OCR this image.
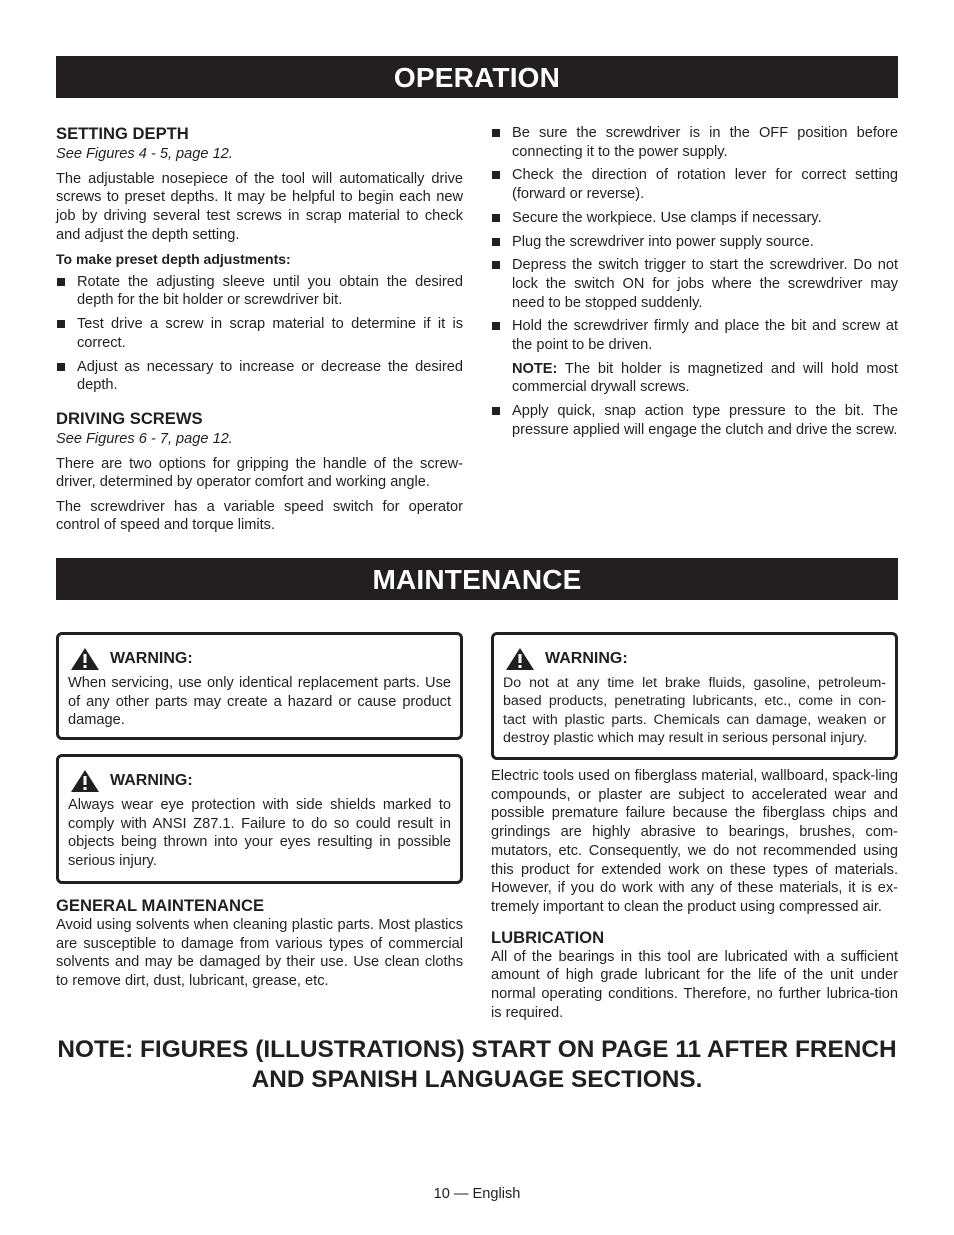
OPERATION
SETTING DEPTH
See Figures 4 - 5, page 12.

The adjustable nosepiece of the tool will automatically drive screws to preset depths. It may be helpful to begin each new job by driving several test screws in scrap material to check and adjust the depth setting.

To make preset depth adjustments:
Rotate the adjusting sleeve until you obtain the desired depth for the bit holder or screwdriver bit.
Test drive a screw in scrap material to determine if it is correct.
Adjust as necessary to increase or decrease the desired depth.
DRIVING SCREWS
See Figures 6 - 7, page 12.

There are two options for gripping the handle of the screw-driver, determined by operator comfort and working angle.

The screwdriver has a variable speed switch for operator control of speed and torque limits.

Be sure the screwdriver is in the OFF position before connecting it to the power supply.
Check the direction of rotation lever for correct setting (forward or reverse).
Secure the workpiece. Use clamps if necessary.
Plug the screwdriver into power supply source.
Depress the switch trigger to start the screwdriver. Do not lock the switch ON for jobs where the screwdriver may need to be stopped suddenly.
Hold the screwdriver firmly and place the bit and screw at the point to be driven.
NOTE: The bit holder is magnetized and will hold most commercial drywall screws.
Apply quick, snap action type pressure to the bit. The pressure applied will engage the clutch and drive the screw.
MAINTENANCE
WARNING:

When servicing, use only identical replacement parts. Use of any other parts may create a hazard or cause product damage.

WARNING:

Always wear eye protection with side shields marked to comply with ANSI Z87.1. Failure to do so could result in objects being thrown into your eyes resulting in possible serious injury.

GENERAL MAINTENANCE

Avoid using solvents when cleaning plastic parts. Most plastics are susceptible to damage from various types of commercial solvents and may be damaged by their use. Use clean cloths to remove dirt, dust, lubricant, grease, etc.

WARNING:

Do not at any time let brake fluids, gasoline, petroleum-based products, penetrating lubricants, etc., come in con-tact with plastic parts. Chemicals can damage, weaken or destroy plastic which may result in serious personal injury.

Electric tools used on fiberglass material, wallboard, spack-ling compounds, or plaster are subject to accelerated wear and possible premature failure because the fiberglass chips and grindings are highly abrasive to bearings, brushes, com-mutators, etc. Consequently, we do not recommended using this product for extended work on these types of materials. However, if you do work with any of these materials, it is ex-tremely important to clean the product using compressed air.

LUBRICATION

All of the bearings in this tool are lubricated with a sufficient amount of high grade lubricant for the life of the unit under normal operating conditions. Therefore, no further lubrica-tion is required.

NOTE: FIGURES (ILLUSTRATIONS) START ON PAGE 11 AFTER FRENCH AND SPANISH LANGUAGE SECTIONS.
10 — English
